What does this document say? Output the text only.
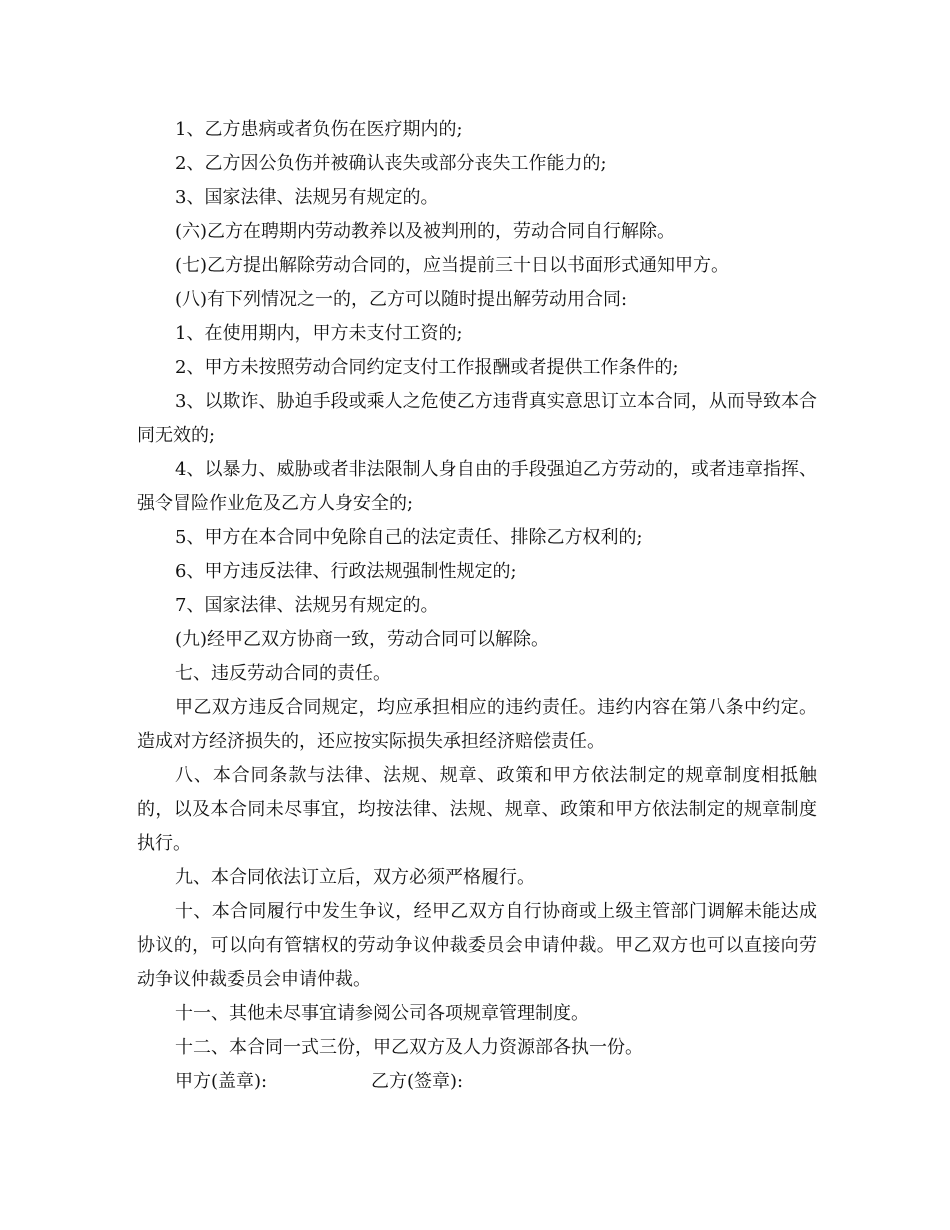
1、乙方患病或者负伤在医疗期内的;

2、乙方因公负伤并被确认丧失或部分丧失工作能力的;

3、国家法律、法规另有规定的。

(六)乙方在聘期内劳动教养以及被判刑的，劳动合同自行解除。

(七)乙方提出解除劳动合同的，应当提前三十日以书面形式通知甲方。

(八)有下列情况之一的，乙方可以随时提出解劳动用合同:

1、在使用期内，甲方未支付工资的;

2、甲方未按照劳动合同约定支付工作报酬或者提供工作条件的;

3、以欺诈、胁迫手段或乘人之危使乙方违背真实意思订立本合同，从而导致本合同无效的;

4、以暴力、威胁或者非法限制人身自由的手段强迫乙方劳动的，或者违章指挥、强令冒险作业危及乙方人身安全的;

5、甲方在本合同中免除自己的法定责任、排除乙方权利的;

6、甲方违反法律、行政法规强制性规定的;

7、国家法律、法规另有规定的。

(九)经甲乙双方协商一致，劳动合同可以解除。

七、违反劳动合同的责任。

甲乙双方违反合同规定，均应承担相应的违约责任。违约内容在第八条中约定。造成对方经济损失的，还应按实际损失承担经济赔偿责任。

八、本合同条款与法律、法规、规章、政策和甲方依法制定的规章制度相抵触的，以及本合同未尽事宜，均按法律、法规、规章、政策和甲方依法制定的规章制度执行。

九、本合同依法订立后，双方必须严格履行。

十、本合同履行中发生争议，经甲乙双方自行协商或上级主管部门调解未能达成协议的，可以向有管辖权的劳动争议仲裁委员会申请仲裁。甲乙双方也可以直接向劳动争议仲裁委员会申请仲裁。

十一、其他未尽事宜请参阅公司各项规章管理制度。

十二、本合同一式三份，甲乙双方及人力资源部各执一份。

甲方(盖章):	乙方(签章):
